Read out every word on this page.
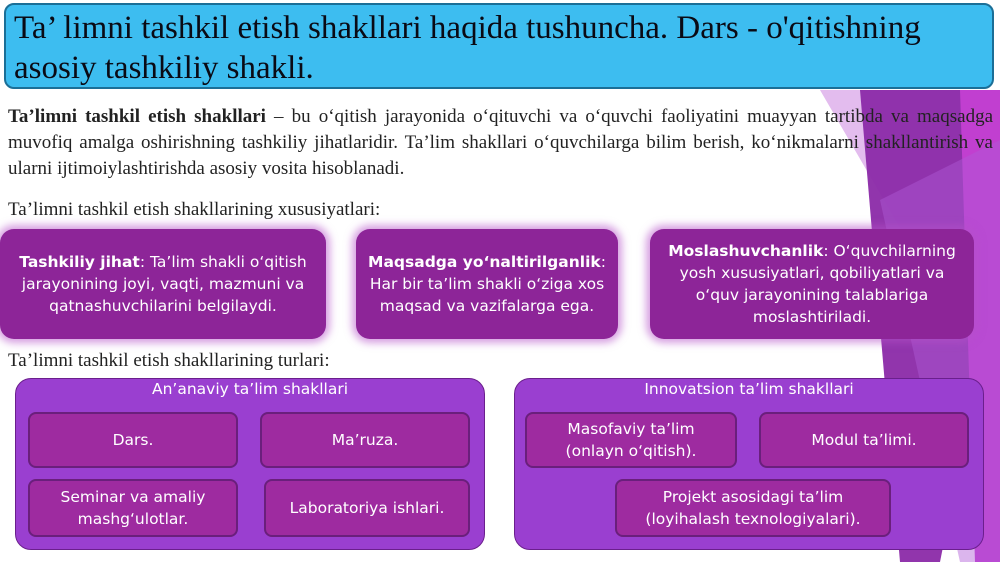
Ta’ limni tashkil etish shakllari haqida tushuncha. Dars - o'qitishning asosiy tashkiliy shakli.
Ta’limni tashkil etish shakllari – bu o‘qitish jarayonida o‘qituvchi va o‘quvchi faoliyatini muayyan tartibda va maqsadga muvofiq amalga oshirishning tashkiliy jihatlaridir. Ta’lim shakllari o‘quvchilarga bilim berish, ko‘nikmalarni shakllantirish va ularni ijtimoiylashtirishda asosiy vosita hisoblanadi.
Ta’limni tashkil etish shakllarining xususiyatlari:
Tashkiliy jihat: Ta’lim shakli o‘qitish jarayonining joyi, vaqti, mazmuni va qatnashuvchilarini belgilaydi.
Maqsadga yo‘naltirilganlik: Har bir ta’lim shakli o‘ziga xos maqsad va vazifalarga ega.
Moslashuvchanlik: O‘quvchilarning yosh xususiyatlari, qobiliyatlari va o‘quv jarayonining talablariga moslashtiriladi.
Ta’limni tashkil etish shakllarining turlari:
An’anaviy ta’lim shakllari
Dars.	Ma’ruza.
Seminar va amaliy mashg‘ulotlar.
Laboratoriya ishlari.
Innovatsion ta’lim shakllari
Masofaviy ta’lim (onlayn o‘qitish).
Modul ta’limi.
Projekt asosidagi ta’lim (loyihalash texnologiyalari).
